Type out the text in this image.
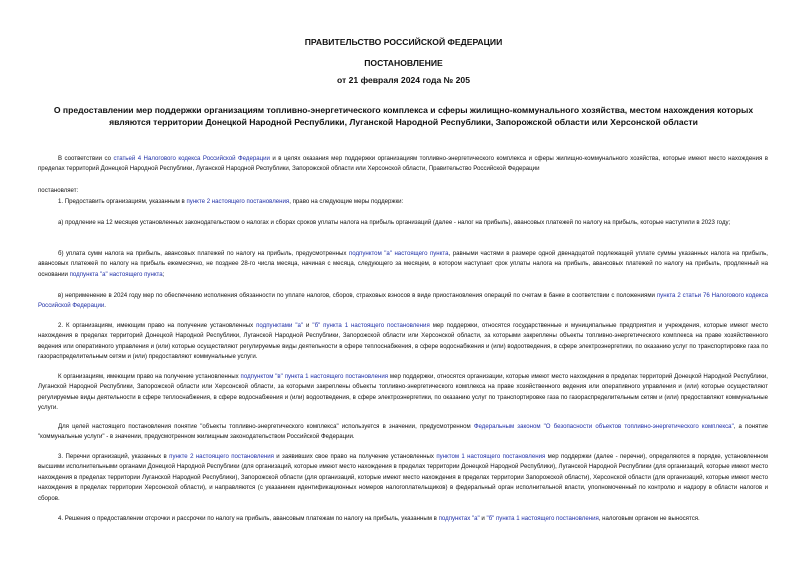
ПРАВИТЕЛЬСТВО РОССИЙСКОЙ ФЕДЕРАЦИИ
ПОСТАНОВЛЕНИЕ
от 21 февраля 2024 года № 205
О предоставлении мер поддержки организациям топливно-энергетического комплекса и сферы жилищно-коммунального хозяйства, местом нахождения которых являются территории Донецкой Народной Республики, Луганской Народной Республики, Запорожской области или Херсонской области

В соответствии со статьей 4 Налогового кодекса Российской Федерации и в целях оказания мер поддержки организациям топливно-энергетического комплекса и сферы жилищно-коммунального хозяйства, которые имеют место нахождения в пределах территорий Донецкой Народной Республики, Луганской Народной Республики, Запорожской области или Херсонской области, Правительство Российской Федерации

постановляет:

1. Предоставить организациям, указанным в пункте 2 настоящего постановления, право на следующие меры поддержки:

а) продление на 12 месяцев установленных законодательством о налогах и сборах сроков уплаты налога на прибыль организаций (далее - налог на прибыль), авансовых платежей по налогу на прибыль, которые наступили в 2023 году;

б) уплата сумм налога на прибыль, авансовых платежей по налогу на прибыль, предусмотренных подпунктом "а" настоящего пункта, равными частями в размере одной двенадцатой подлежащей уплате суммы указанных налога на прибыль, авансовых платежей по налогу на прибыль ежемесячно, не позднее 28-го числа месяца, начиная с месяца, следующего за месяцем, в котором наступает срок уплаты налога на прибыль, авансовых платежей по налогу на прибыль, продленный на основании подпункта "а" настоящего пункта;

в) неприменение в 2024 году мер по обеспечению исполнения обязанности по уплате налогов, сборов, страховых взносов в виде приостановления операций по счетам в банке в соответствии с положениями пункта 2 статьи 76 Налогового кодекса Российской Федерации.

2. К организациям, имеющим право на получение установленных подпунктами "а" и "б" пункта 1 настоящего постановления мер поддержки, относятся государственные и муниципальные предприятия и учреждения, которые имеют место нахождения в пределах территорий Донецкой Народной Республики, Луганской Народной Республики, Запорожской области или Херсонской области, за которыми закреплены объекты топливно-энергетического комплекса на праве хозяйственного ведения или оперативного управления и (или) которые осуществляют регулируемые виды деятельности в сфере теплоснабжения, в сфере водоснабжения и (или) водоотведения, в сфере электроэнергетики, по оказанию услуг по транспортировке газа по газораспределительным сетям и (или) предоставляют коммунальные услуги.

К организациям, имеющим право на получение установленных подпунктом "в" пункта 1 настоящего постановления мер поддержки, относятся организации, которые имеют место нахождения в пределах территорий Донецкой Народной Республики, Луганской Народной Республики, Запорожской области или Херсонской области, за которыми закреплены объекты топливно-энергетического комплекса на праве хозяйственного ведения или оперативного управления и (или) которые осуществляют регулируемые виды деятельности в сфере теплоснабжения, в сфере водоснабжения и (или) водоотведения, в сфере электроэнергетики, по оказанию услуг по транспортировке газа по газораспределительным сетям и (или) предоставляют коммунальные услуги.

Для целей настоящего постановления понятие "объекты топливно-энергетического комплекса" используется в значении, предусмотренном Федеральным законом "О безопасности объектов топливно-энергетического комплекса", а понятие "коммунальные услуги" - в значении, предусмотренном жилищным законодательством Российской Федерации.

3. Перечни организаций, указанных в пункте 2 настоящего постановления и заявивших свое право на получение установленных пунктом 1 настоящего постановления мер поддержки (далее - перечни), определяются в порядке, установленном высшими исполнительными органами Донецкой Народной Республики (для организаций, которые имеют место нахождения в пределах территории Донецкой Народной Республики), Луганской Народной Республики (для организаций, которые имеют место нахождения в пределах территории Луганской Народной Республики), Запорожской области (для организаций, которые имеют место нахождения в пределах территории Запорожской области), Херсонской области (для организаций, которые имеют место нахождения в пределах территории Херсонской области), и направляются (с указанием идентификационных номеров налогоплательщиков) в федеральный орган исполнительной власти, уполномоченный по контролю и надзору в области налогов и сборов.

4. Решения о предоставлении отсрочки и рассрочки по налогу на прибыль, авансовым платежам по налогу на прибыль, указанным в подпунктах "а" и "б" пункта 1 настоящего постановления, налоговым органом не выносятся.
